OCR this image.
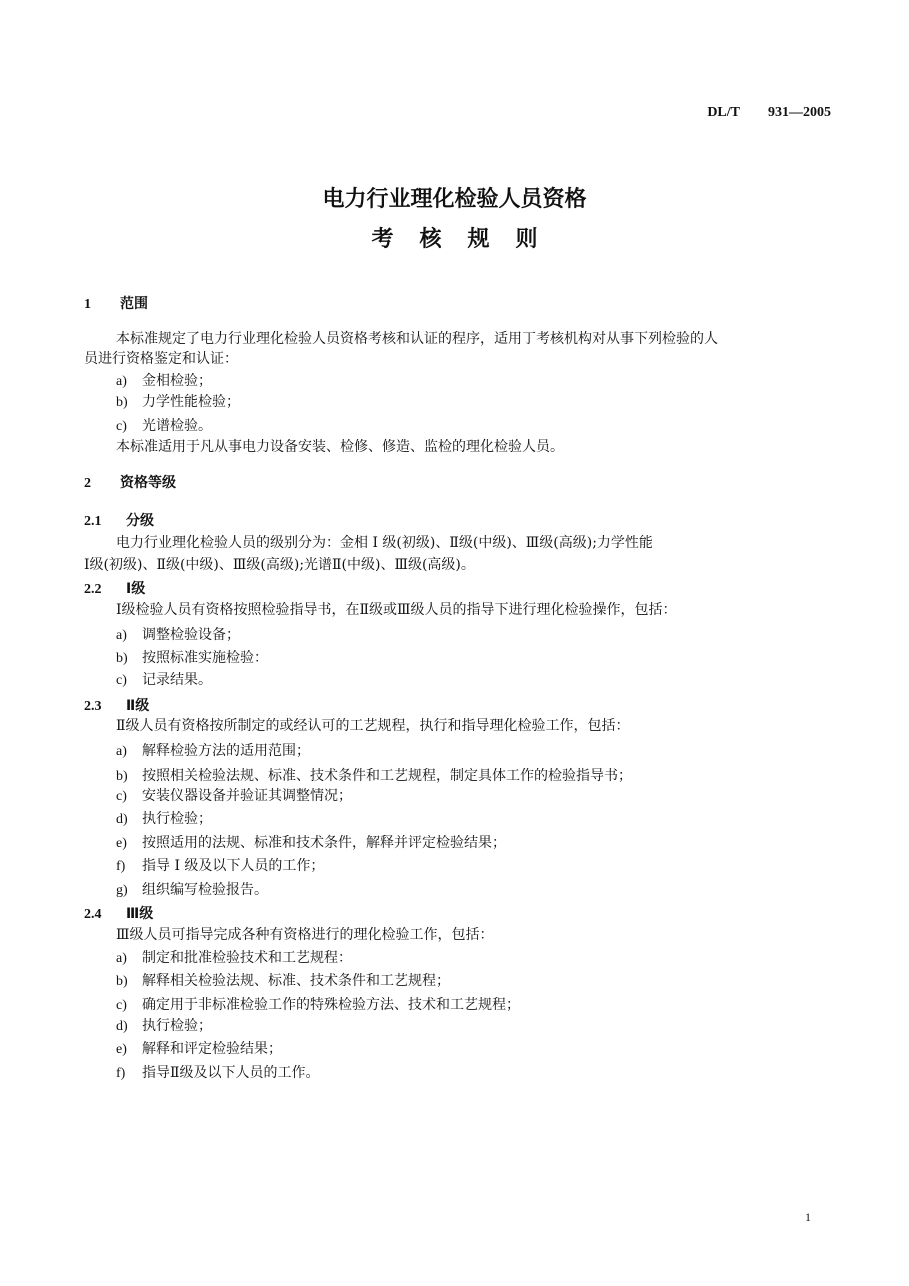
DL/T 931—2005
电力行业理化检验人员资格
考核规则
1 范围
本标准规定了电力行业理化检验人员资格考核和认证的程序，适用丁考核机构对从事下列检验的人
员进行资格鉴定和认证：
a) 金相检验；
b) 力学性能检验；
c) 光谱检验。
本标准适用于凡从事电力设备安装、检修、修造、监检的理化检验人员。
2 资格等级
2.1 分级
电力行业理化检验人员的级别分为：金相 I 级(初级)、Ⅱ级(中级)、Ⅲ级(高级);力学性能
I级(初级)、Ⅱ级(中级)、Ⅲ级(高级);光谱Ⅱ(中级)、Ⅲ级(高级)。
2.2 I级
I级检验人员有资格按照检验指导书，在Ⅱ级或Ⅲ级人员的指导下进行理化检验操作，包括：
a) 调整检验设备；
b) 按照标准实施检验：
c) 记录结果。
2.3 Ⅱ级
Ⅱ级人员有资格按所制定的或经认可的工艺规程，执行和指导理化检验工作，包括：
a) 解释检验方法的适用范围；
b) 按照相关检验法规、标准、技术条件和工艺规程，制定具体工作的检验指导书；
c) 安装仪器设备并验证其调整情况；
d) 执行检验；
e) 按照适用的法规、标准和技术条件，解释并评定检验结果；
f) 指导 I 级及以下人员的工作；
g) 组织编写检验报告。
2.4 Ⅲ级
Ⅲ级人员可指导完成各种有资格进行的理化检验工作，包括：
a) 制定和批准检验技术和工艺规程：
b) 解释相关检验法规、标准、技术条件和工艺规程；
c) 确定用于非标准检验工作的特殊检验方法、技术和工艺规程；
d) 执行检验；
e) 解释和评定检验结果；
f) 指导Ⅱ级及以下人员的工作。
1
